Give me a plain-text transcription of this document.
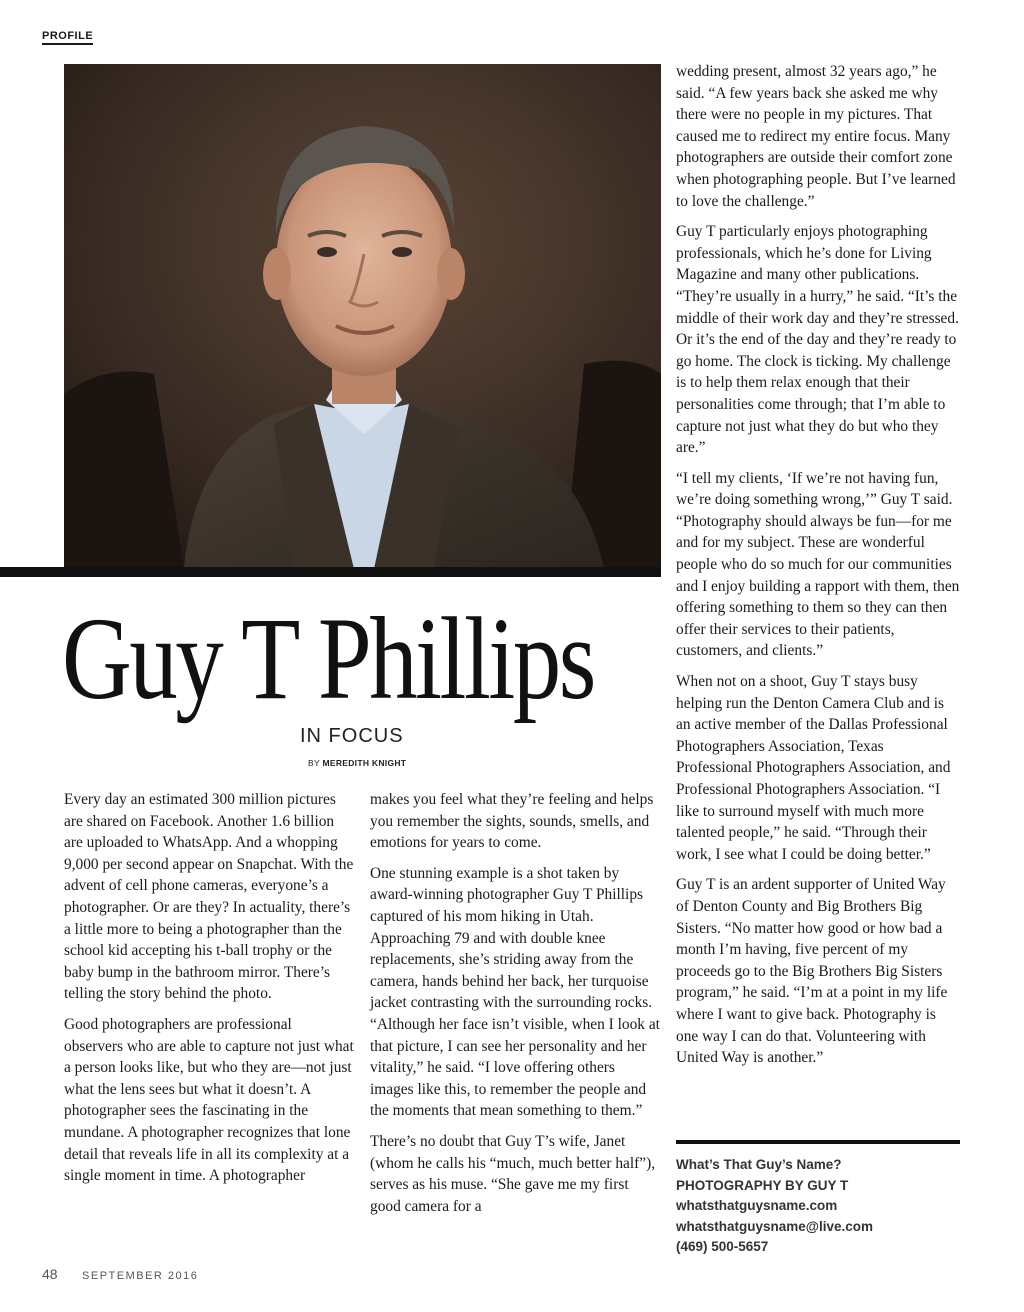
PROFILE
Guy T Phillips
IN FOCUS
BY MEREDITH KNIGHT

Every day an estimated 300 million pictures are shared on Facebook. Another 1.6 billion are uploaded to WhatsApp. And a whopping 9,000 per second appear on Snapchat. With the advent of cell phone cameras, everyone’s a photographer. Or are they? In actuality, there’s a little more to being a photographer than the school kid accepting his t-ball trophy or the baby bump in the bathroom mirror. There’s telling the story behind the photo.

Good photographers are professional observers who are able to capture not just what a person looks like, but who they are—not just what the lens sees but what it doesn’t. A photographer sees the fascinating in the mundane. A photographer recognizes that lone detail that reveals life in all its complexity at a single moment in time. A photographer

makes you feel what they’re feeling and helps you remember the sights, sounds, smells, and emotions for years to come.

One stunning example is a shot taken by award-winning photographer Guy T Phillips captured of his mom hiking in Utah. Approaching 79 and with double knee replacements, she’s striding away from the camera, hands behind her back, her turquoise jacket contrasting with the surrounding rocks. “Although her face isn’t visible, when I look at that picture, I can see her personality and her vitality,” he said. “I love offering others images like this, to remember the people and the moments that mean something to them.”

There’s no doubt that Guy T’s wife, Janet (whom he calls his “much, much better half”), serves as his muse. “She gave me my first good camera for a

wedding present, almost 32 years ago,” he said. “A few years back she asked me why there were no people in my pictures. That caused me to redirect my entire focus. Many photographers are outside their comfort zone when photographing people. But I’ve learned to love the challenge.”

Guy T particularly enjoys photographing professionals, which he’s done for Living Magazine and many other publications. “They’re usually in a hurry,” he said. “It’s the middle of their work day and they’re stressed. Or it’s the end of the day and they’re ready to go home. The clock is ticking. My challenge is to help them relax enough that their personalities come through; that I’m able to capture not just what they do but who they are.”

“I tell my clients, ‘If we’re not having fun, we’re doing something wrong,’” Guy T said. “Photography should always be fun—for me and for my subject. These are wonderful people who do so much for our communities and I enjoy building a rapport with them, then offering something to them so they can then offer their services to their patients, customers, and clients.”

When not on a shoot, Guy T stays busy helping run the Denton Camera Club and is an active member of the Dallas Professional Photographers Association, Texas Professional Photographers Association, and Professional Photographers Association. “I like to surround myself with much more talented people,” he said. “Through their work, I see what I could be doing better.”

Guy T is an ardent supporter of United Way of Denton County and Big Brothers Big Sisters. “No matter how good or how bad a month I’m having, five percent of my proceeds go to the Big Brothers Big Sisters program,” he said. “I’m at a point in my life where I want to give back. Photography is one way I can do that. Volunteering with United Way is another.”

What’s That Guy’s Name?
PHOTOGRAPHY BY GUY T
whatsthatguysname.com
whatsthatguysname@live.com
(469) 500-5657
48 SEPTEMBER 2016
